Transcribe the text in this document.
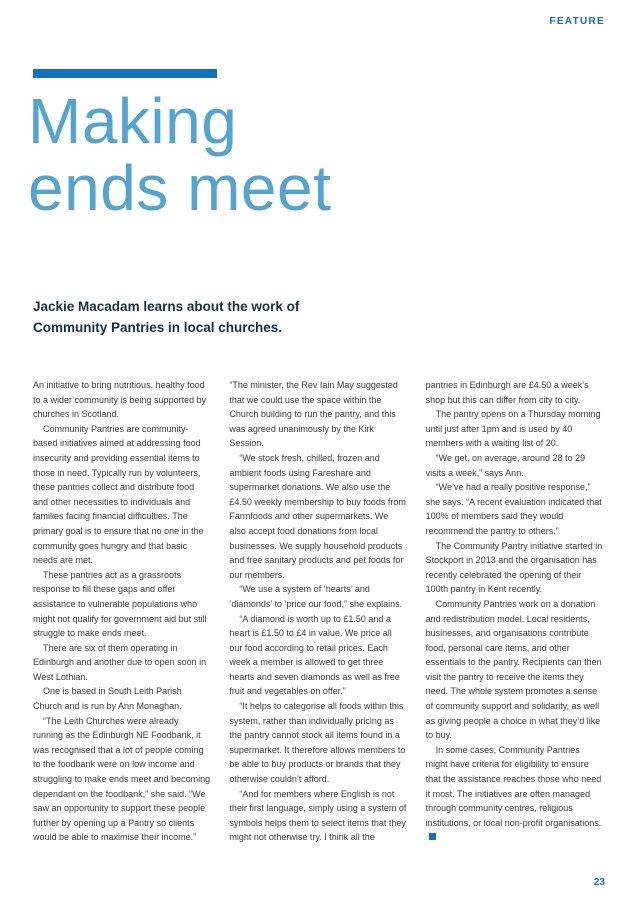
FEATURE
Making
ends meet

Jackie Macadam learns about the work of Community Pantries in local churches.

An initiative to bring nutritious, healthy food to a wider community is being supported by churches in Scotland.

Community Pantries are community-based initiatives aimed at addressing food insecurity and providing essential items to those in need. Typically run by volunteers, these pantries collect and distribute food and other necessities to individuals and families facing financial difficulties. The primary goal is to ensure that no one in the community goes hungry and that basic needs are met.

These pantries act as a grassroots response to fill these gaps and offer assistance to vulnerable populations who might not qualify for government aid but still struggle to make ends meet.

There are six of them operating in Edinburgh and another due to open soon in West Lothian.

One is based in South Leith Parish Church and is run by Ann Monaghan.

“The Leith Churches were already running as the Edinburgh NE Foodbank, it was recognised that a lot of people coming to the foodbank were on low income and struggling to make ends meet and becoming dependant on the foodbank,” she said. “We saw an opportunity to support these people further by opening up a Pantry so clients would be able to maximise their income.”

“The minister, the Rev Iain May suggested that we could use the space within the Church building to run the pantry, and this was agreed unanimously by the Kirk Session.

“We stock fresh, chilled, frozen and ambient foods using Fareshare and supermarket donations. We also use the £4.50 weekly membership to buy foods from Farmfoods and other supermarkets. We also accept food donations from local businesses. We supply household products and free sanitary products and pet foods for our members.

“We use a system of ‘hearts’ and ‘diamonds’ to ‘price our food,” she explains.

“A diamond is worth up to £1.50 and a heart is £1.50 to £4 in value. We price all our food according to retail prices. Each week a member is allowed to get three hearts and seven diamonds as well as free fruit and vegetables on offer.”

“It helps to categorise all foods within this system, rather than individually pricing as the pantry cannot stock all items found in a supermarket. It therefore allows members to be able to buy products or brands that they otherwise couldn’t afford.

“And for members where English is not their first language, simply using a system of symbols helps them to select items that they might not otherwise try. I think all the

pantries in Edinburgh are £4.50 a week’s shop but this can differ from city to city.

The pantry opens on a Thursday morning until just after 1pm and is used by 40 members with a waiting list of 20.

“We get, on average, around 28 to 29 visits a week,” says Ann.

“We’ve had a really positive response,” she says. “A recent evaluation indicated that 100% of members said they would recommend the pantry to others.”

The Community Pantry initiative started in Stockport in 2013 and the organisation has recently celebrated the opening of their 100th pantry in Kent recently.

Community Pantries work on a donation and redistribution model. Local residents, businesses, and organisations contribute food, personal care items, and other essentials to the pantry. Recipients can then visit the pantry to receive the items they need. The whole system promotes a sense of community support and solidarity, as well as giving people a choice in what they’d like to buy.

In some cases, Community Pantries might have criteria for eligibility to ensure that the assistance reaches those who need it most. The initiatives are often managed through community centres, religious institutions, or local non-profit organisations.

23
